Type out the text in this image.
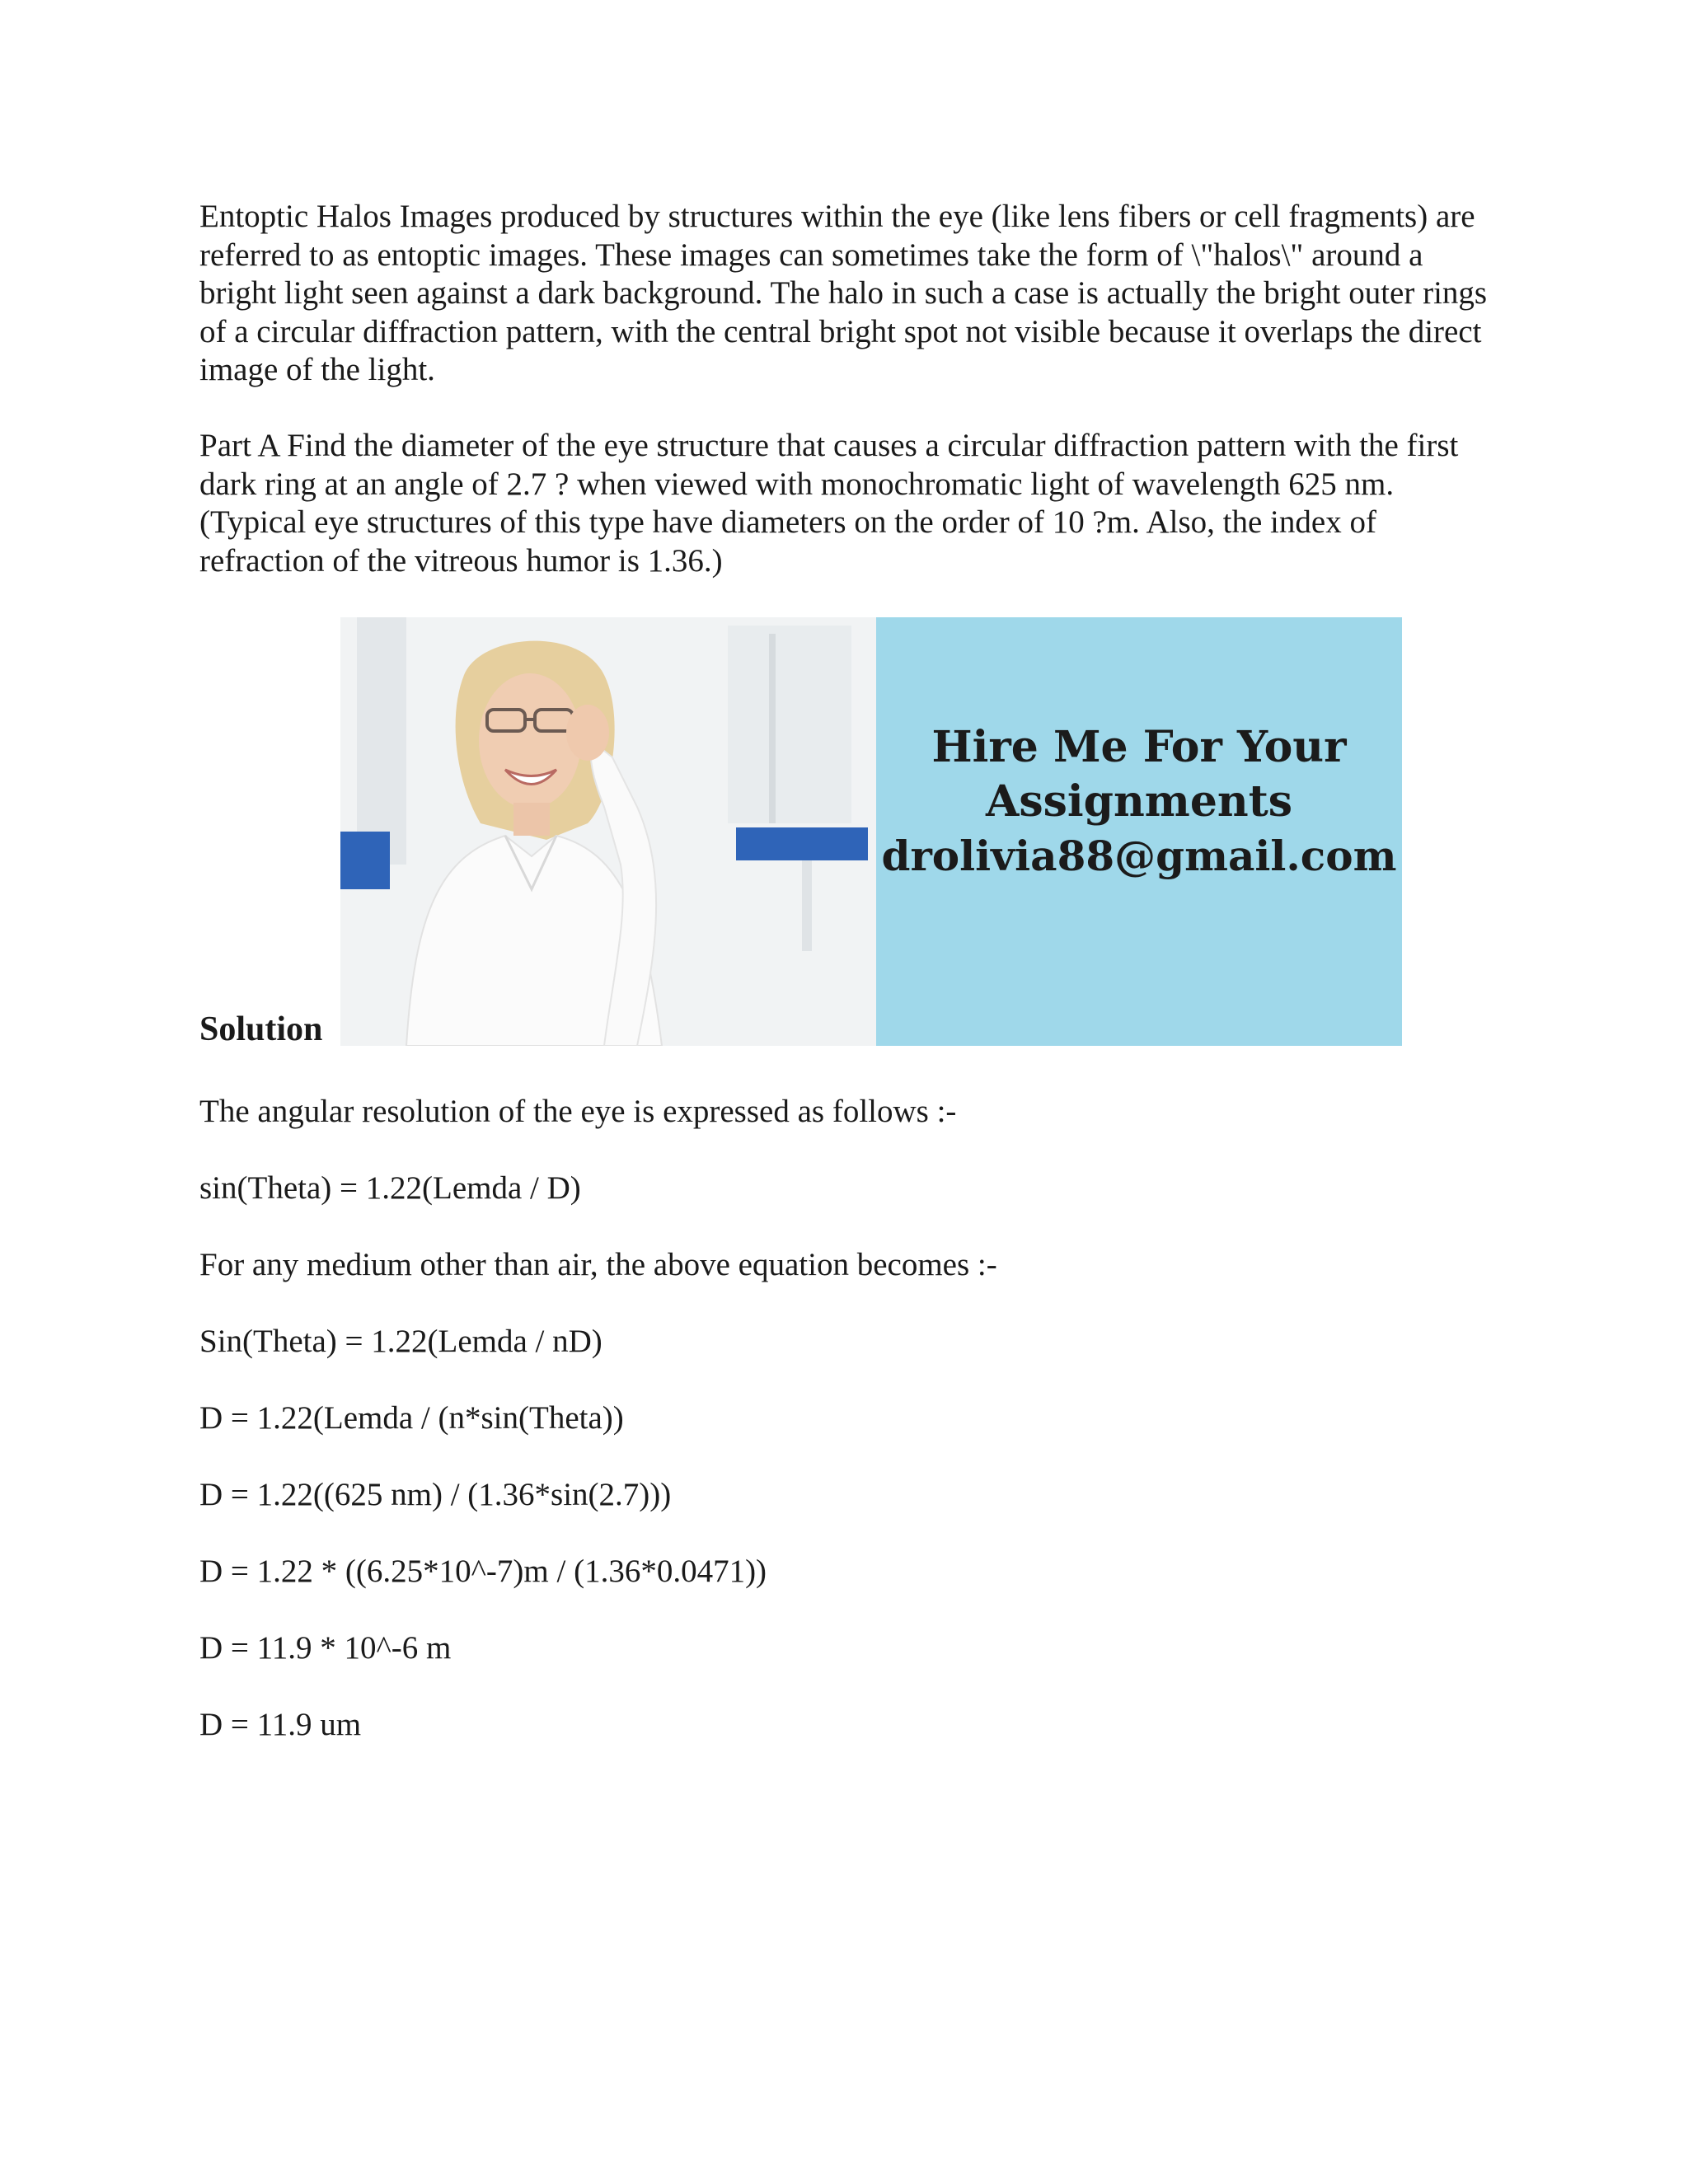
Entoptic Halos Images produced by structures within the eye (like lens fibers or cell fragments) are referred to as entoptic images. These images can sometimes take the form of \"halos\" around a bright light seen against a dark background. The halo in such a case is actually the bright outer rings of a circular diffraction pattern, with the central bright spot not visible because it overlaps the direct image of the light.

Part A Find the diameter of the eye structure that causes a circular diffraction pattern with the first dark ring at an angle of 2.7 ? when viewed with monochromatic light of wavelength 625 nm. (Typical eye structures of this type have diameters on the order of 10 ?m. Also, the index of refraction of the vitreous humor is 1.36.)

Hire Me For Your
Assignments
drolivia88@gmail.com
Solution

The angular resolution of the eye is expressed as follows :-

sin(Theta) = 1.22(Lemda / D)

For any medium other than air, the above equation becomes :-

Sin(Theta) = 1.22(Lemda / nD)

D = 1.22(Lemda / (n*sin(Theta))

D = 1.22((625 nm) / (1.36*sin(2.7)))

D = 1.22 * ((6.25*10^-7)m / (1.36*0.0471))

D = 11.9 * 10^-6 m

D = 11.9 um
